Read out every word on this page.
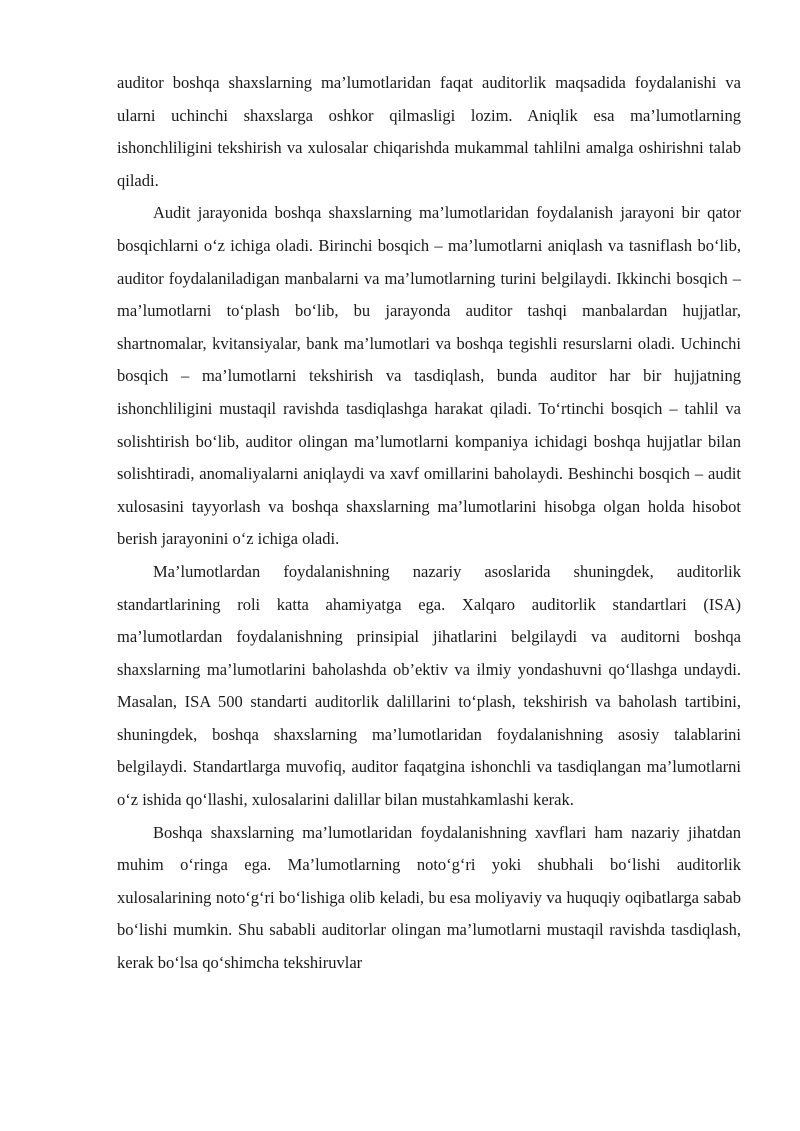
auditor boshqa shaxslarning ma’lumotlaridan faqat auditorlik maqsadida foydalanishi va ularni uchinchi shaxslarga oshkor qilmasligi lozim. Aniqlik esa ma’lumotlarning ishonchliligini tekshirish va xulosalar chiqarishda mukammal tahlilni amalga oshirishni talab qiladi.

Audit jarayonida boshqa shaxslarning ma’lumotlaridan foydalanish jarayoni bir qator bosqichlarni o‘z ichiga oladi. Birinchi bosqich – ma’lumotlarni aniqlash va tasniflash bo‘lib, auditor foydalaniladigan manbalarni va ma’lumotlarning turini belgilaydi. Ikkinchi bosqich – ma’lumotlarni to‘plash bo‘lib, bu jarayonda auditor tashqi manbalardan hujjatlar, shartnomalar, kvitansiyalar, bank ma’lumotlari va boshqa tegishli resurslarni oladi. Uchinchi bosqich – ma’lumotlarni tekshirish va tasdiqlash, bunda auditor har bir hujjatning ishonchliligini mustaqil ravishda tasdiqlashga harakat qiladi. To‘rtinchi bosqich – tahlil va solishtirish bo‘lib, auditor olingan ma’lumotlarni kompaniya ichidagi boshqa hujjatlar bilan solishtiradi, anomaliyalarni aniqlaydi va xavf omillarini baholaydi. Beshinchi bosqich – audit xulosasini tayyorlash va boshqa shaxslarning ma’lumotlarini hisobga olgan holda hisobot berish jarayonini o‘z ichiga oladi.

Ma’lumotlardan foydalanishning nazariy asoslarida shuningdek, auditorlik standartlarining roli katta ahamiyatga ega. Xalqaro auditorlik standartlari (ISA) ma’lumotlardan foydalanishning prinsipial jihatlarini belgilaydi va auditorni boshqa shaxslarning ma’lumotlarini baholashda ob’ektiv va ilmiy yondashuvni qo‘llashga undaydi. Masalan, ISA 500 standarti auditorlik dalillarini to‘plash, tekshirish va baholash tartibini, shuningdek, boshqa shaxslarning ma’lumotlaridan foydalanishning asosiy talablarini belgilaydi. Standartlarga muvofiq, auditor faqatgina ishonchli va tasdiqlangan ma’lumotlarni o‘z ishida qo‘llashi, xulosalarini dalillar bilan mustahkamlashi kerak.

Boshqa shaxslarning ma’lumotlaridan foydalanishning xavflari ham nazariy jihatdan muhim o‘ringa ega. Ma’lumotlarning noto‘g‘ri yoki shubhali bo‘lishi auditorlik xulosalarining noto‘g‘ri bo‘lishiga olib keladi, bu esa moliyaviy va huquqiy oqibatlarga sabab bo‘lishi mumkin. Shu sababli auditorlar olingan ma’lumotlarni mustaqil ravishda tasdiqlash, kerak bo‘lsa qo‘shimcha tekshiruvlar
